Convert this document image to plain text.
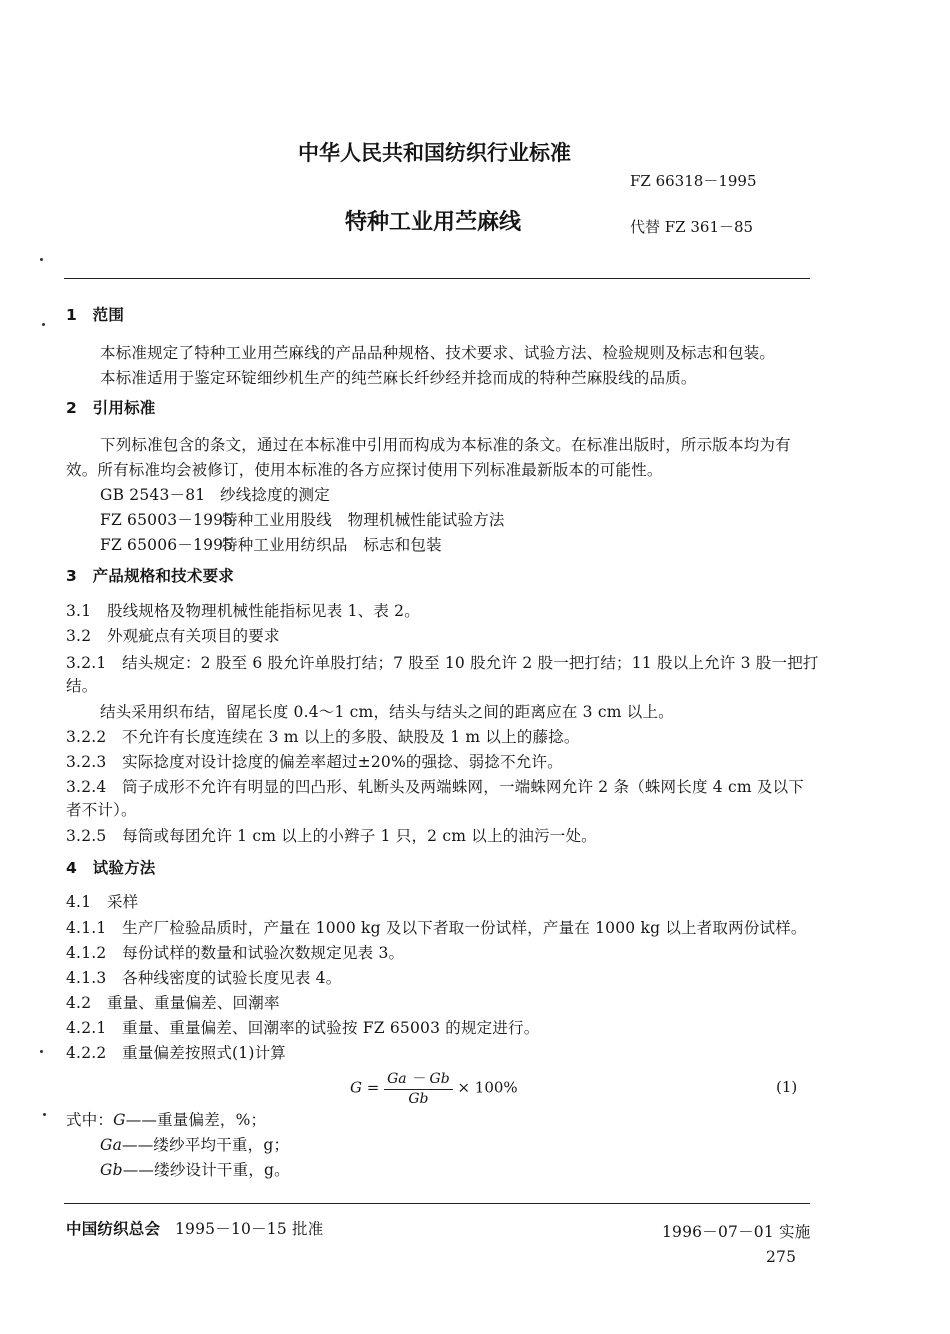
中华人民共和国纺织行业标准
FZ 66318－1995
特种工业用苎麻线	代替 FZ 361－85
1　范围
本标准规定了特种工业用苎麻线的产品品种规格、技术要求、试验方法、检验规则及标志和包装。
本标准适用于鉴定环锭细纱机生产的纯苎麻长纤纱经并捻而成的特种苎麻股线的品质。
2　引用标准
下列标准包含的条文，通过在本标准中引用而构成为本标准的条文。在标准出版时，所示版本均为有
效。所有标准均会被修订，使用本标准的各方应探讨使用下列标准最新版本的可能性。
GB 2543－81 纱线捻度的测定
FZ 65003－1995特种工业用股线　物理机械性能试验方法
FZ 65006－1995特种工业用纺织品　标志和包装
3　产品规格和技术要求
3.1　股线规格及物理机械性能指标见表 1、表 2。
3.2　外观疵点有关项目的要求
3.2.1　结头规定：2 股至 6 股允许单股打结；7 股至 10 股允许 2 股一把打结；11 股以上允许 3 股一把打
结。
结头采用织布结，留尾长度 0.4～1 cm，结头与结头之间的距离应在 3 cm 以上。
3.2.2　不允许有长度连续在 3 m 以上的多股、缺股及 1 m 以上的藤捻。
3.2.3　实际捻度对设计捻度的偏差率超过±20%的强捻、弱捻不允许。
3.2.4　筒子成形不允许有明显的凹凸形、轧断头及两端蛛网，一端蛛网允许 2 条（蛛网长度 4 cm 及以下
者不计）。
3.2.5　每筒或每团允许 1 cm 以上的小辫子 1 只，2 cm 以上的油污一处。
4　试验方法
4.1　采样
4.1.1　生产厂检验品质时，产量在 1000 kg 及以下者取一份试样，产量在 1000 kg 以上者取两份试样。
4.1.2　每份试样的数量和试验次数规定见表 3。
4.1.3　各种线密度的试验长度见表 4。
4.2　重量、重量偏差、回潮率
4.2.1　重量、重量偏差、回潮率的试验按 FZ 65003 的规定进行。
4.2.2　重量偏差按照式(1)计算
$G = \frac{Ga - Gb}{Gb} \times 100\%$	(1)
式中：G——重量偏差，%；
Ga——缕纱平均干重，g；
Gb——缕纱设计干重，g。
中国纺织总会 1995－10－15 批准	1996－07－01 实施
275
